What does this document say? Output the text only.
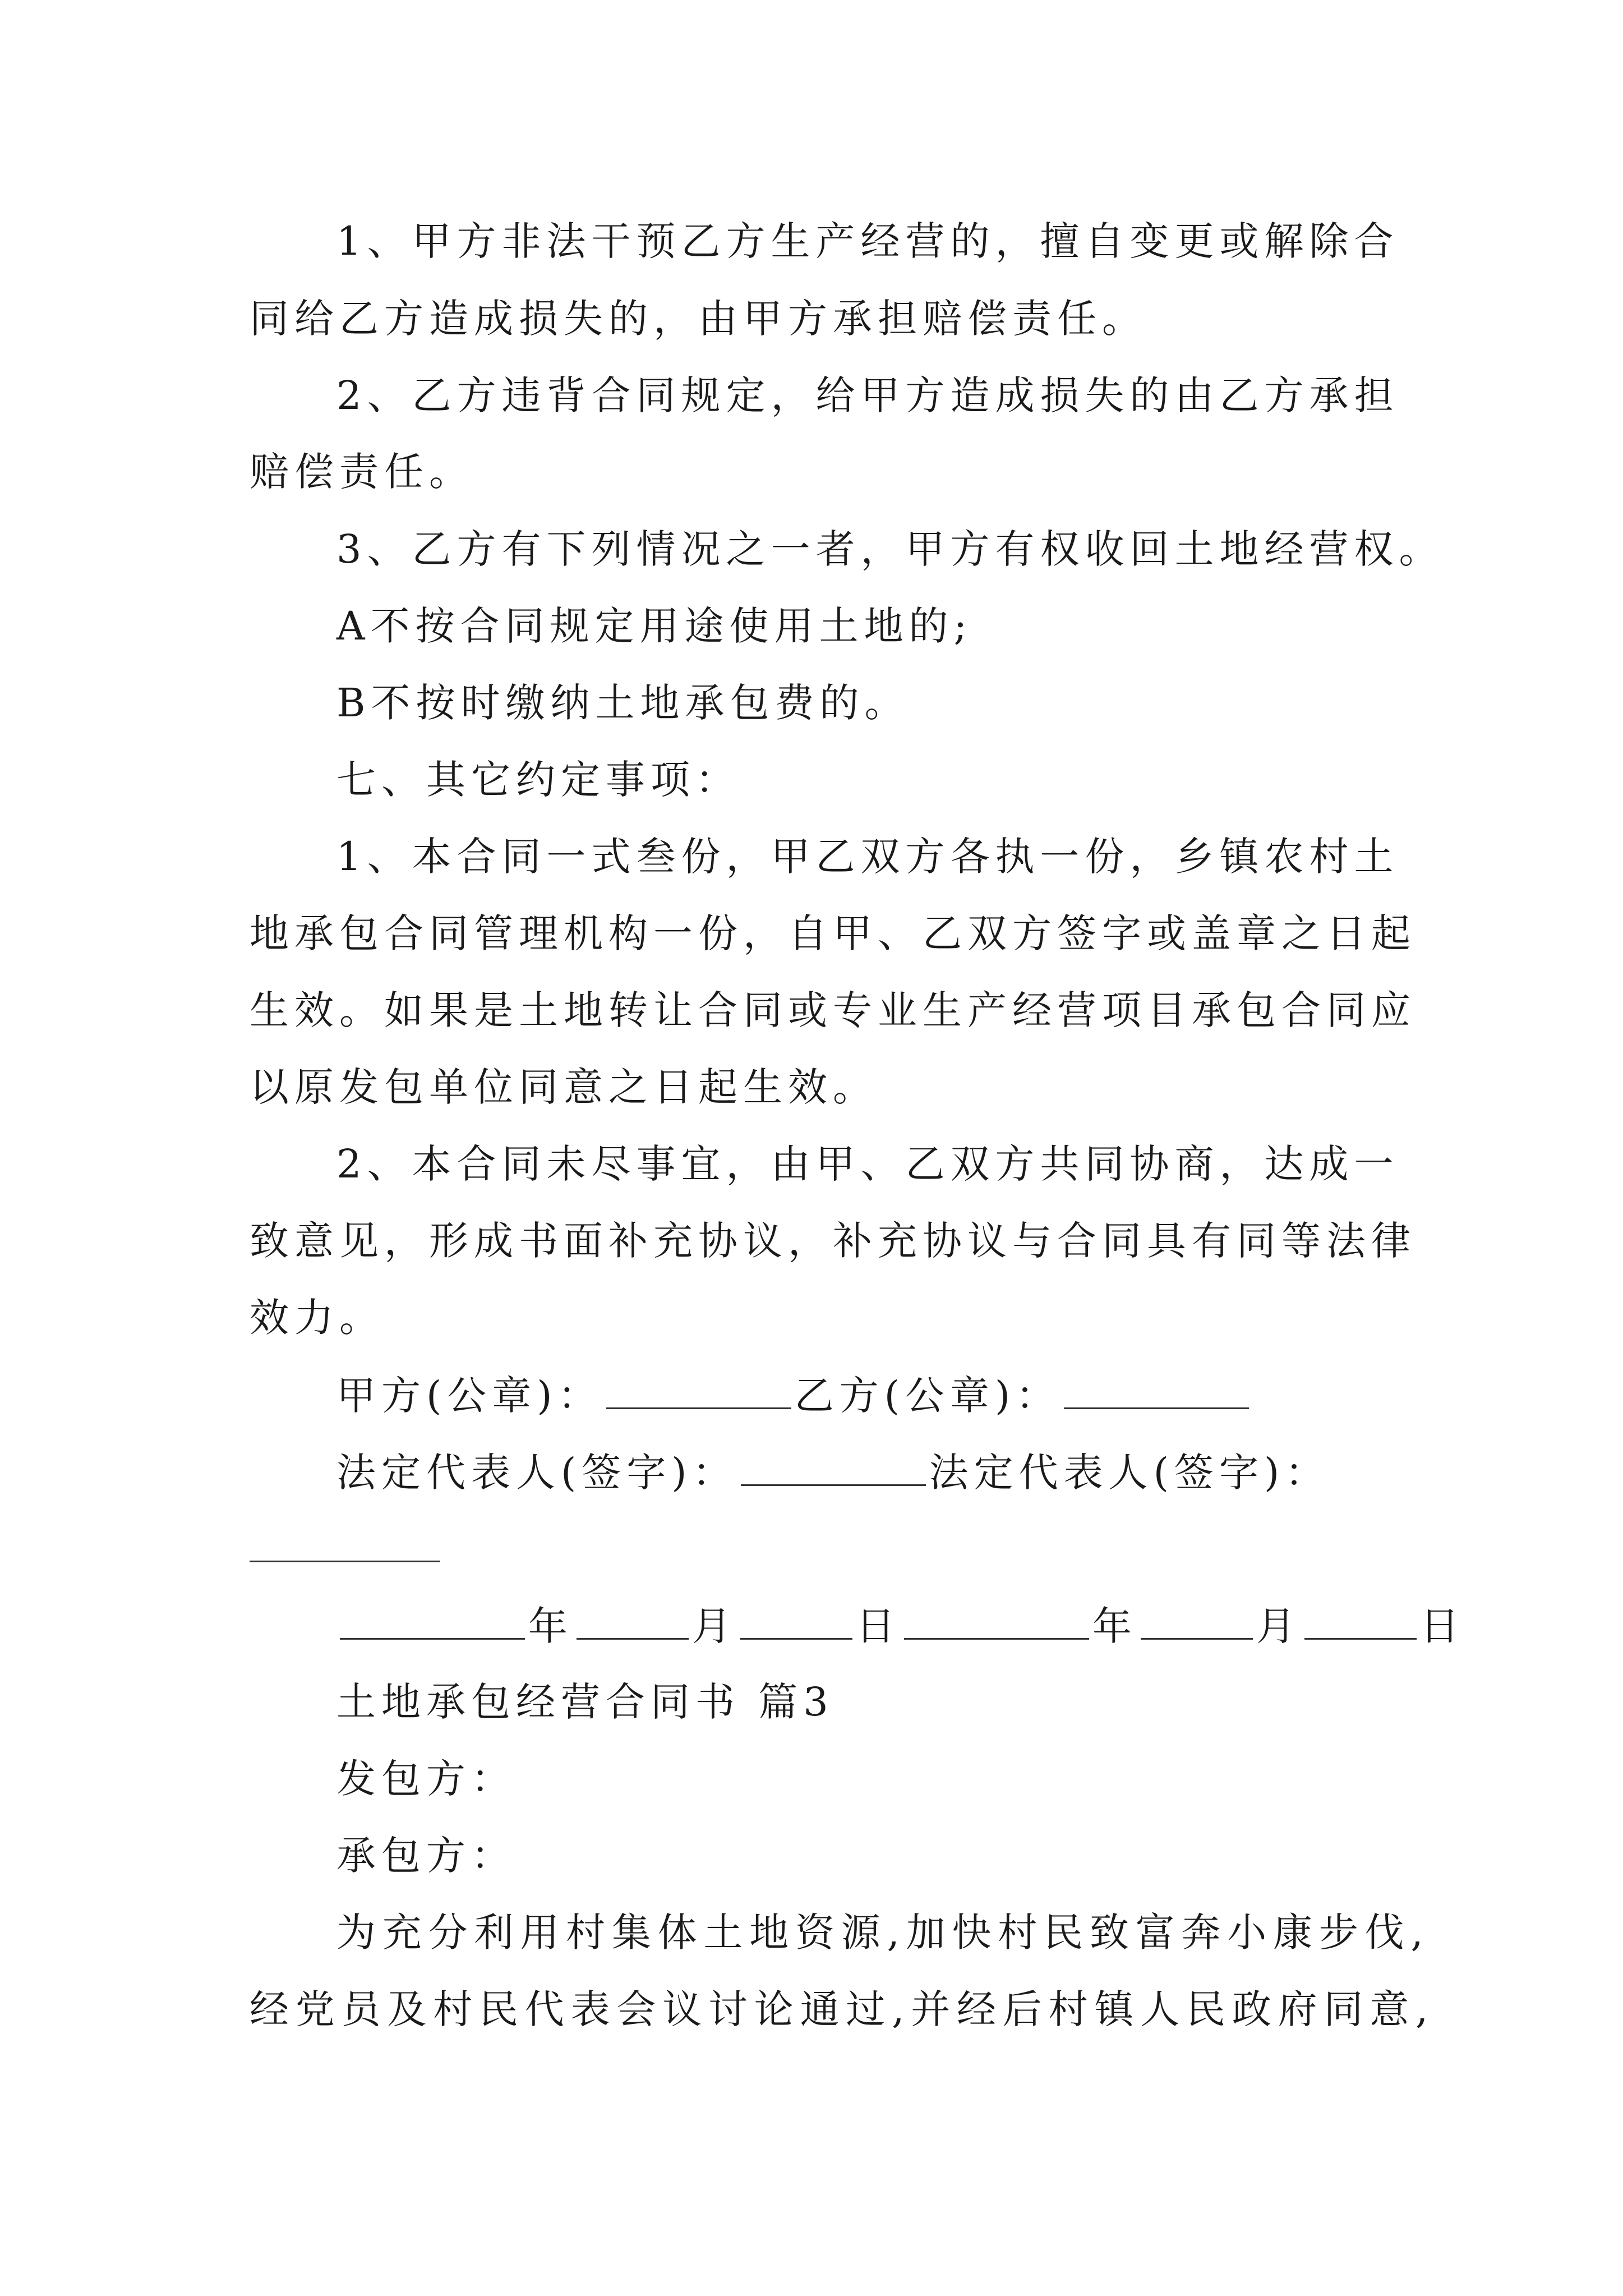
1、甲方非法干预乙方生产经营的，擅自变更或解除合
同给乙方造成损失的，由甲方承担赔偿责任。
2、乙方违背合同规定，给甲方造成损失的由乙方承担
赔偿责任。
3、乙方有下列情况之一者，甲方有权收回土地经营权。
A不按合同规定用途使用土地的;
B不按时缴纳土地承包费的。
七、其它约定事项：
1、本合同一式叁份，甲乙双方各执一份，乡镇农村土
地承包合同管理机构一份，自甲、乙双方签字或盖章之日起
生效。如果是土地转让合同或专业生产经营项目承包合同应
以原发包单位同意之日起生效。
2、本合同未尽事宜，由甲、乙双方共同协商，达成一
致意见，形成书面补充协议，补充协议与合同具有同等法律
效力。
甲方(公章)：	乙方(公章)：
法定代表人(签字)：	法定代表人(签字)：
年	月	日	年	月	日
土地承包经营合同书 篇3
发包方：
承包方：
为充分利用村集体土地资源,加快村民致富奔小康步伐,
经党员及村民代表会议讨论通过,并经后村镇人民政府同意,
